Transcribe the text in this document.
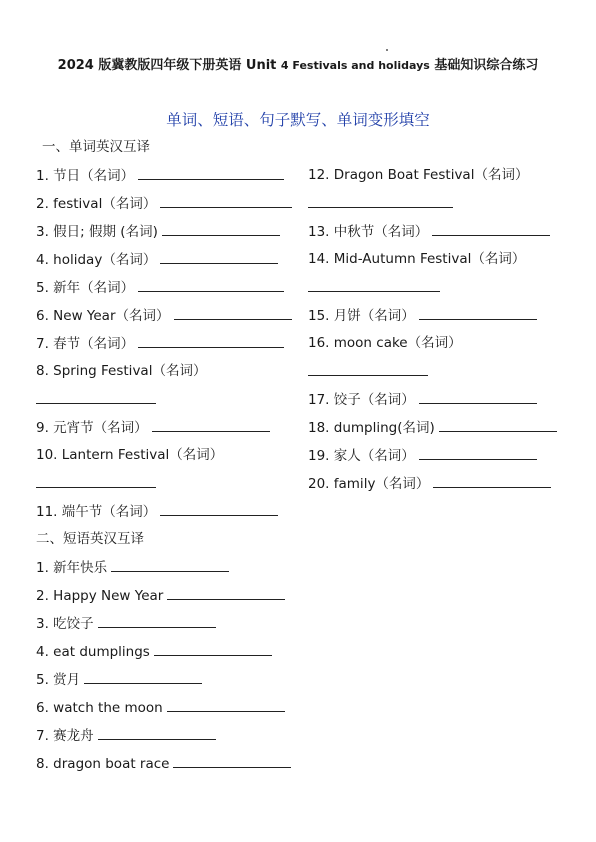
2024 版冀教版四年级下册英语 Unit 4 Festivals and holidays 基础知识综合练习
单词、短语、句子默写、单词变形填空
一、单词英汉互译
1. 节日（名词）
2. festival（名词）
3. 假日; 假期 (名词)
4. holiday（名词）
5. 新年（名词）
6. New Year（名词）
7. 春节（名词）
8. Spring Festival（名词）
9. 元宵节（名词）
10. Lantern Festival（名词）
11. 端午节（名词）
12. Dragon Boat Festival（名词）
13. 中秋节（名词）
14. Mid-Autumn Festival（名词）
15. 月饼（名词）
16. moon cake（名词）
17. 饺子（名词）
18. dumpling(名词)
19. 家人（名词）
20. family（名词）
二、短语英汉互译
1. 新年快乐
2. Happy New Year
3. 吃饺子
4. eat dumplings
5. 赏月
6. watch the moon
7. 赛龙舟
8. dragon boat race
